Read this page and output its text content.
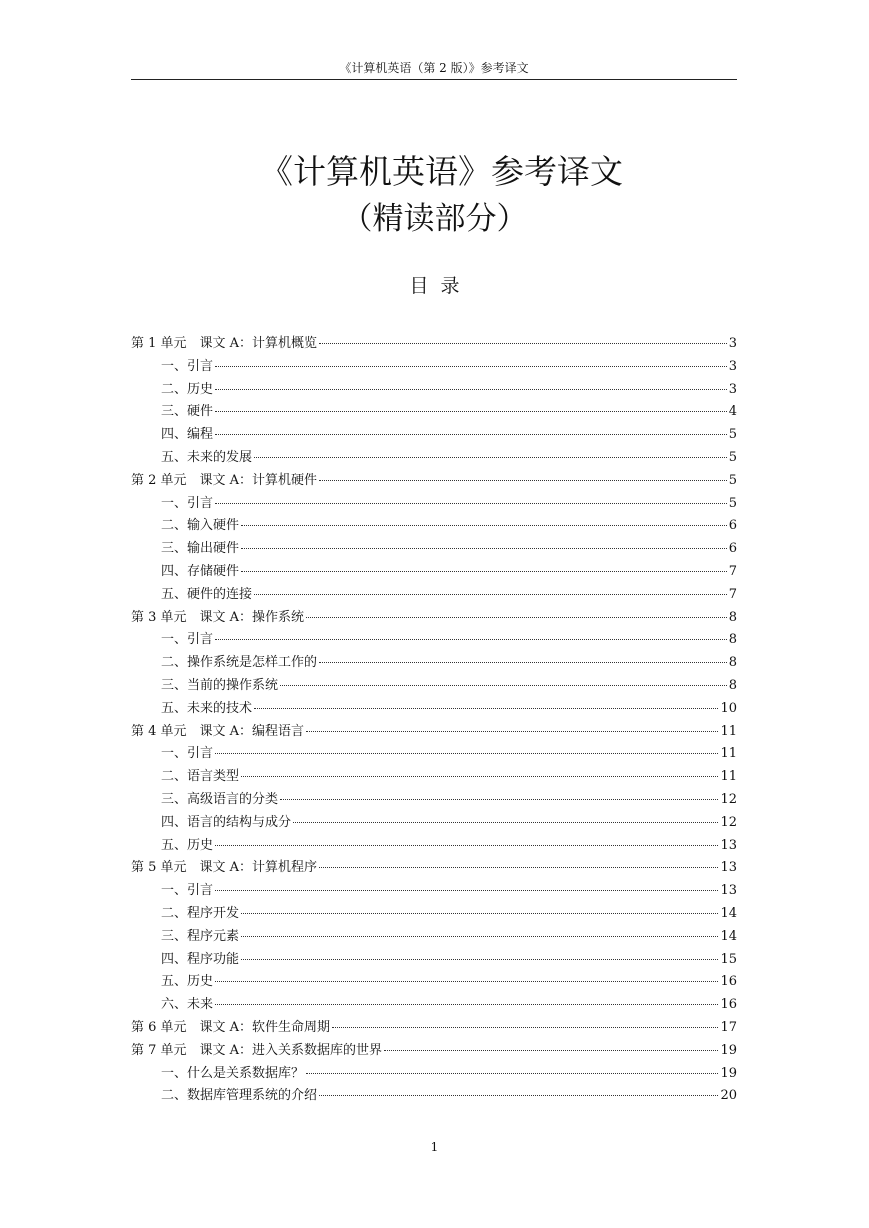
《计算机英语（第 2 版）》参考译文
《计算机英语》参考译文
（精读部分）
目录
第 1 单元　课文 A：计算机概览	3
一、引言	3
二、历史	3
三、硬件	4
四、编程	5
五、未来的发展	5
第 2 单元　课文 A：计算机硬件	5
一、引言	5
二、输入硬件	6
三、输出硬件	6
四、存储硬件	7
五、硬件的连接	7
第 3 单元　课文 A：操作系统	8
一、引言	8
二、操作系统是怎样工作的	8
三、当前的操作系统	8
五、未来的技术	10
第 4 单元　课文 A：编程语言	11
一、引言	11
二、语言类型	11
三、高级语言的分类	12
四、语言的结构与成分	12
五、历史	13
第 5 单元　课文 A：计算机程序	13
一、引言	13
二、程序开发	14
三、程序元素	14
四、程序功能	15
五、历史	16
六、未来	16
第 6 单元　课文 A：软件生命周期	17
第 7 单元　课文 A：进入关系数据库的世界	19
一、什么是关系数据库？	19
二、数据库管理系统的介绍	20
1
